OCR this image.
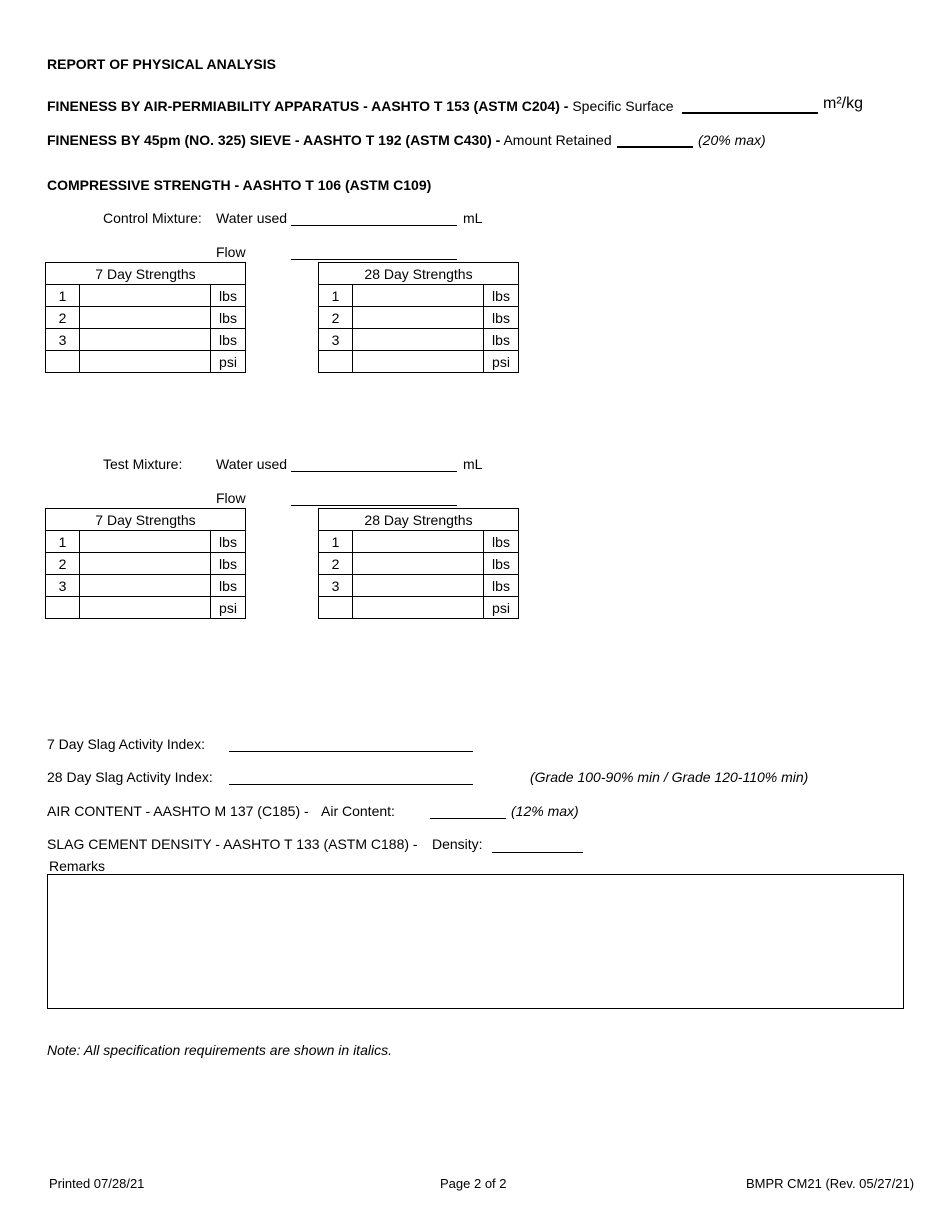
REPORT OF PHYSICAL ANALYSIS
FINENESS BY AIR-PERMIABILITY APPARATUS - AASHTO T 153 (ASTM C204) - Specific Surface	m²/kg
FINENESS BY 45pm (NO. 325) SIEVE - AASHTO T 192 (ASTM C430) - Amount Retained	(20% max)
COMPRESSIVE STRENGTH - AASHTO T 106 (ASTM C109)
Control Mixture: Water used	mL
Flow
7 Day Strengths		
1		lbs
2		lbs
3		lbs
		psi
28 Day Strengths		
1		lbs
2		lbs
3		lbs
		psi
Test Mixture: Water used	mL
Flow
7 Day Strengths		
1		lbs
2		lbs
3		lbs
		psi
28 Day Strengths		
1		lbs
2		lbs
3		lbs
		psi
7 Day Slag Activity Index:
28 Day Slag Activity Index:	(Grade 100-90% min / Grade 120-110% min)
AIR CONTENT - AASHTO M 137 (C185) - Air Content:	(12% max)
SLAG CEMENT DENSITY - AASHTO T 133 (ASTM C188) - Density:
Remarks
Note: All specification requirements are shown in italics.
Printed 07/28/21	Page 2 of 2	BMPR CM21 (Rev. 05/27/21)
